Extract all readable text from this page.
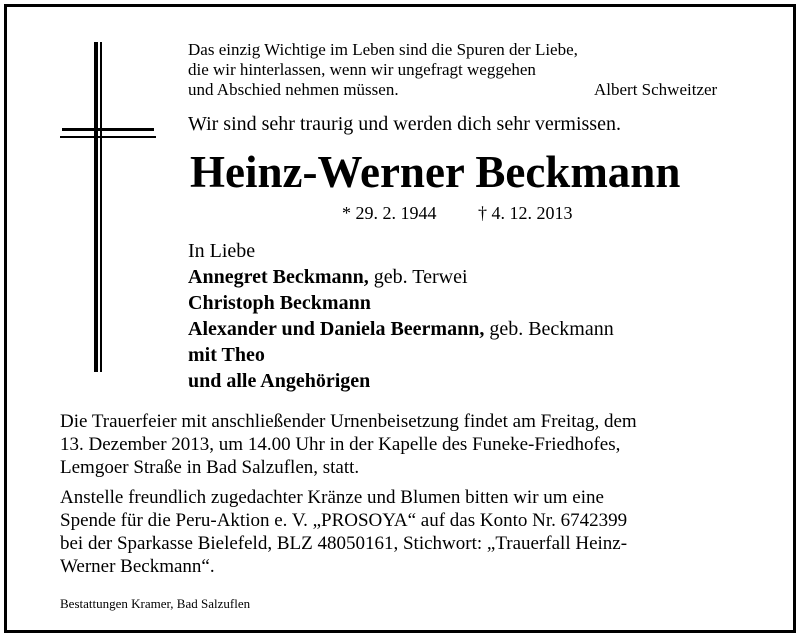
Das einzig Wichtige im Leben sind die Spuren der Liebe,
die wir hinterlassen, wenn wir ungefragt weggehen
und Abschied nehmen müssen.	Albert Schweitzer
Wir sind sehr traurig und werden dich sehr vermissen.
Heinz-Werner Beckmann
* 29. 2. 1944 † 4. 12. 2013
In Liebe
Annegret Beckmann, geb. Terwei
Christoph Beckmann
Alexander und Daniela Beermann, geb. Beckmann
mit Theo
und alle Angehörigen
Die Trauerfeier mit anschließender Urnenbeisetzung findet am Freitag, dem
13. Dezember 2013, um 14.00 Uhr in der Kapelle des Funeke-Friedhofes,
Lemgoer Straße in Bad Salzuflen, statt.
Anstelle freundlich zugedachter Kränze und Blumen bitten wir um eine
Spende für die Peru-Aktion e. V. „PROSOYA“ auf das Konto Nr. 6742399
bei der Sparkasse Bielefeld, BLZ 48050161, Stichwort: „Trauerfall Heinz-
Werner Beckmann“.
Bestattungen Kramer, Bad Salzuflen
